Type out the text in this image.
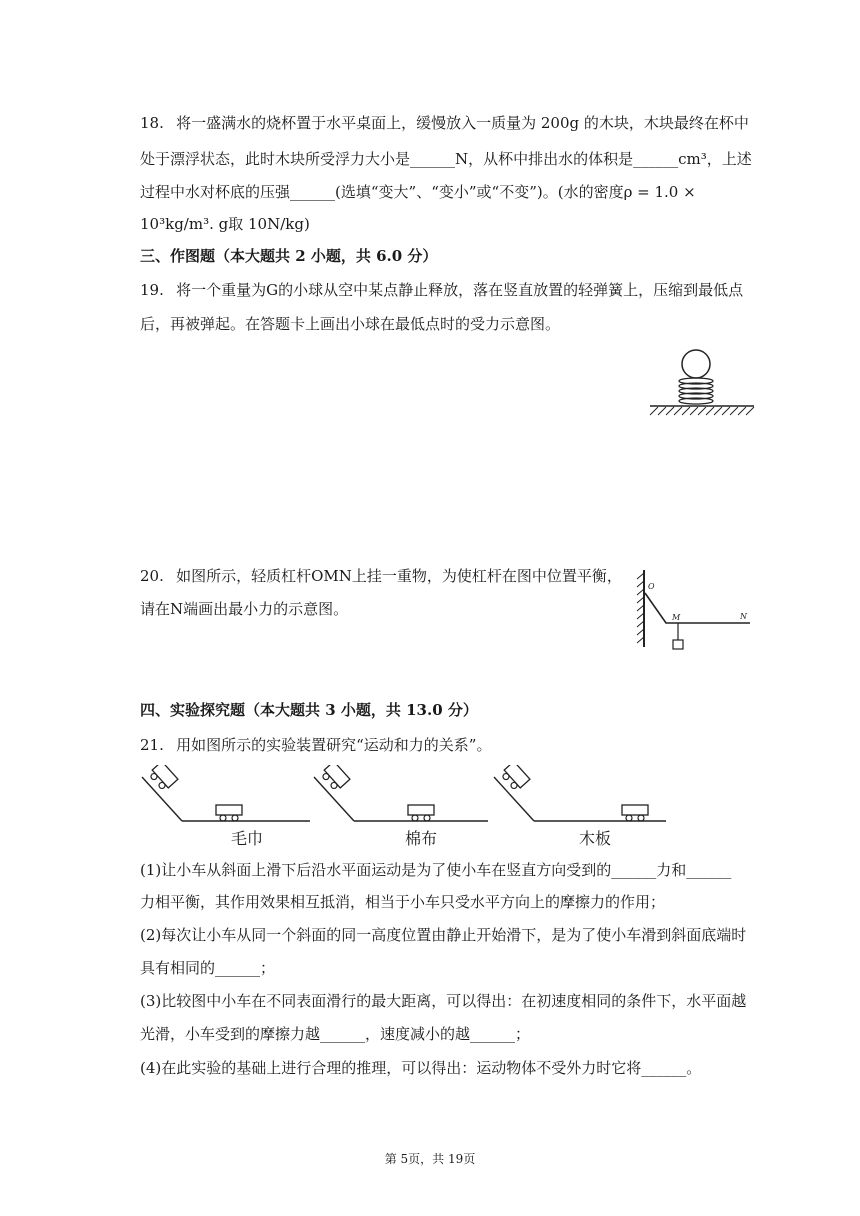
18.  将一盛满水的烧杯置于水平桌面上，缓慢放入一质量为 200g 的木块，木块最终在杯中
处于漂浮状态，此时木块所受浮力大小是______N，从杯中排出水的体积是______cm³，上述
过程中水对杯底的压强______(选填“变大”、“变小”或“不变”)。(水的密度ρ = 1.0 ×
10³kg/m³. g取 10N/kg)
三、作图题（本大题共 2 小题，共 6.0 分）
19.  将一个重量为G的小球从空中某点静止释放，落在竖直放置的轻弹簧上，压缩到最低点
后，再被弹起。在答题卡上画出小球在最低点时的受力示意图。
20.  如图所示，轻质杠杆OMN上挂一重物，为使杠杆在图中位置平衡，
请在N端画出最小力的示意图。
O
M	N
四、实验探究题（本大题共 3 小题，共 13.0 分）
21.  用如图所示的实验装置研究“运动和力的关系”。
毛巾	棉布	木板
(1)让小车从斜面上滑下后沿水平面运动是为了使小车在竖直方向受到的______力和______
力相平衡，其作用效果相互抵消，相当于小车只受水平方向上的摩擦力的作用；
(2)每次让小车从同一个斜面的同一高度位置由静止开始滑下，是为了使小车滑到斜面底端时
具有相同的______；
(3)比较图中小车在不同表面滑行的最大距离，可以得出：在初速度相同的条件下，水平面越
光滑，小车受到的摩擦力越______，速度减小的越______；
(4)在此实验的基础上进行合理的推理，可以得出：运动物体不受外力时它将______。
第 5页，共 19页
